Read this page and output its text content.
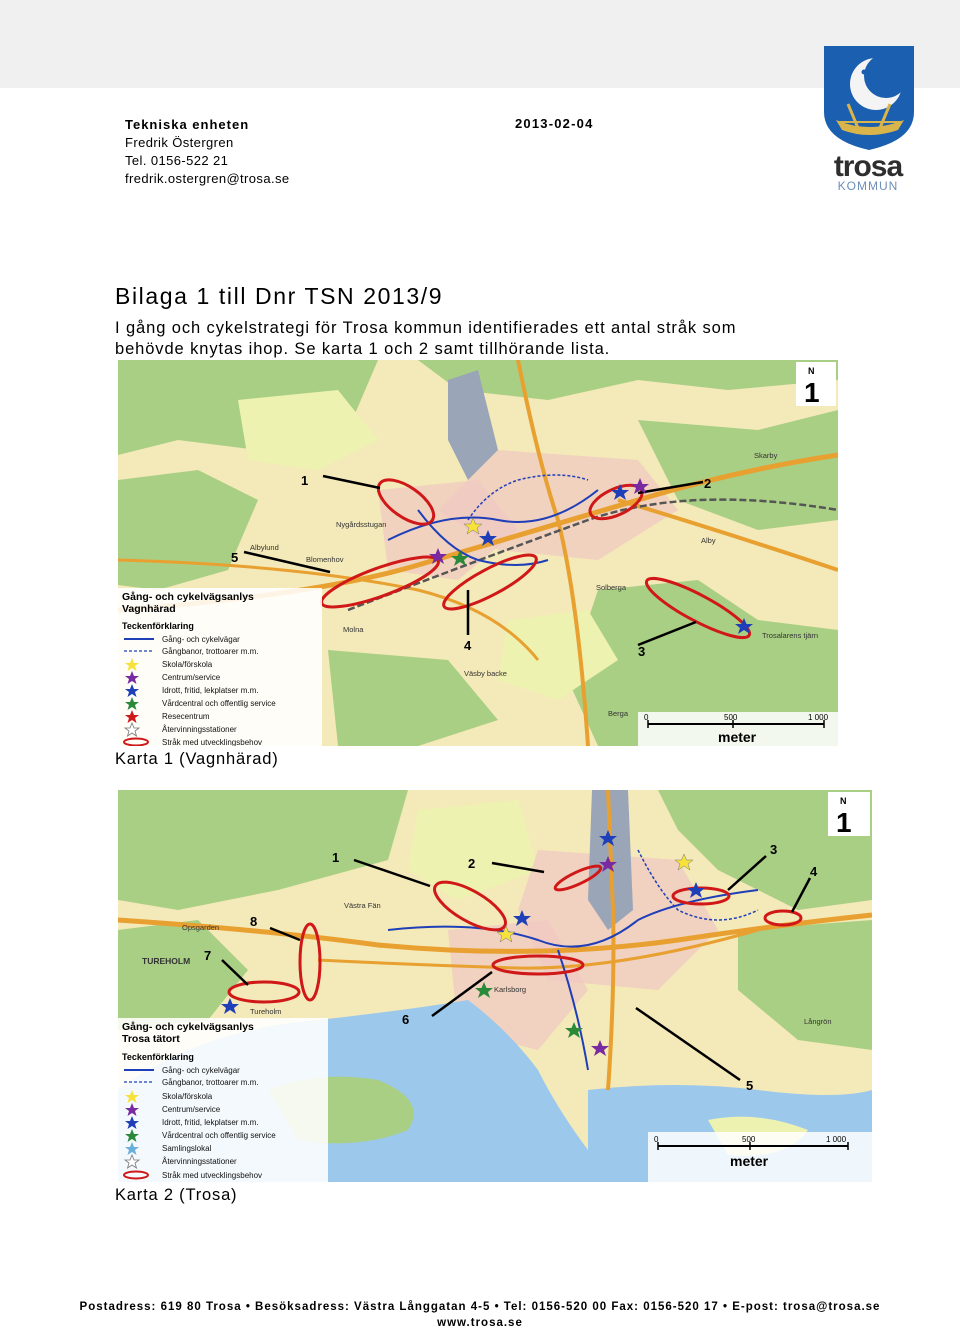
Tekniska enheten
Fredrik Östergren
Tel. 0156-522 21
fredrik.ostergren@trosa.se
2013-02-04
trosa
KOMMUN
Bilaga 1 till Dnr TSN 2013/9
I gång och cykelstrategi för Trosa kommun identifierades ett antal stråk som
behövde knytas ihop. Se karta 1 och 2 samt tillhörande lista.
1	2
3
4
5
Skarby
Nygårdsstugan
Albylund
Blomenhov
Molna
Väsby backe
Solberga
Berga
Trosalarens tjärn
Alby
Gång- och cykelvägsanlys
Vagnhärad
Teckenförklaring
Gång- och cykelvägar
Gångbanor, trottoarer m.m.
Skola/förskola
Centrum/service
Idrott, fritid, lekplatser m.m.
Vårdcentral och offentlig service
Resecentrum
Återvinningsstationer
Stråk med utvecklingsbehov
N
1
0	500	1 000
meter
Karta 1 (Vagnhärad)
1	2
3
4
5
6
7
8
Västra Fän
TUREHOLM
Tureholm
Opsgarden
Karlsborg
Långrön
Gång- och cykelvägsanlys
Trosa tätort
Teckenförklaring
Gång- och cykelvägar
Gångbanor, trottoarer m.m.
Skola/förskola
Centrum/service
Idrott, fritid, lekplatser m.m.
Vårdcentral och offentlig service
Samlingslokal
Återvinningsstationer
Stråk med utvecklingsbehov
N
1
0	500	1 000
meter
Karta 2 (Trosa)
Postadress: 619 80 Trosa • Besöksadress: Västra Långgatan 4-5 • Tel: 0156-520 00 Fax: 0156-520 17 • E-post: trosa@trosa.se
www.trosa.se
